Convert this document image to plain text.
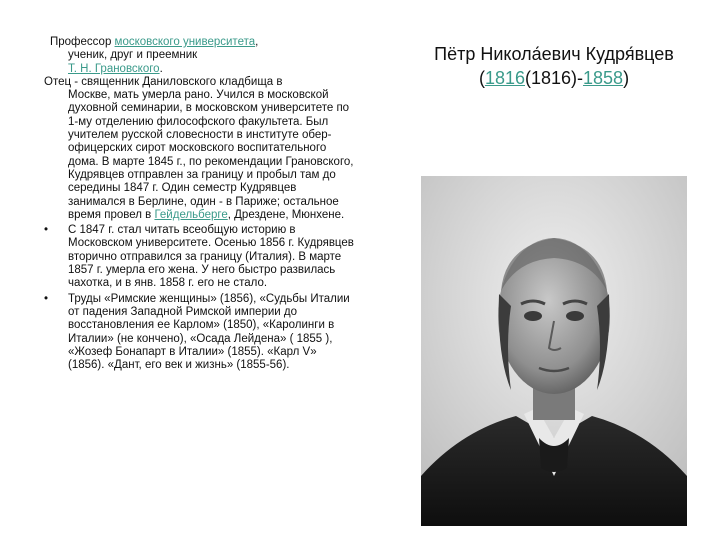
Профессор московского университета,
ученик, друг и преемник
Т. Н. Грановского.
Отец - священник Даниловского кладбища в
Москве, мать умерла рано. Учился в московской духовной семинарии, в московском университете по 1-му отделению философского факультета. Был учителем русской словесности в институте обер-офицерских сирот московского воспитательного дома. В марте 1845 г., по рекомендации Грановского, Кудрявцев отправлен за границу и пробыл там до середины 1847 г. Один семестр Кудрявцев занимался в Берлине, один - в Париже; остальное время провел в Гейдельберге, Дрездене, Мюнхене.
• С 1847 г. стал читать всеобщую историю в Московском университете. Осенью 1856 г. Кудрявцев вторично отправился за границу (Италия). В марте 1857 г. умерла его жена. У него быстро развилась чахотка, и в янв. 1858 г. его не стало.
• Труды «Римские женщины» (1856), «Судьбы Италии от падения Западной Римской империи до восстановления ее Карлом» (1850), «Каролинги в Италии» (не кончено), «Осада Лейдена» ( 1855 ), «Жозеф Бонапарт в Италии» (1855). «Карл V» (1856). «Дант, его век и жизнь» (1855-56).
Пётр Никола́евич Кудря́вцев
(1816(1816)-1858)
